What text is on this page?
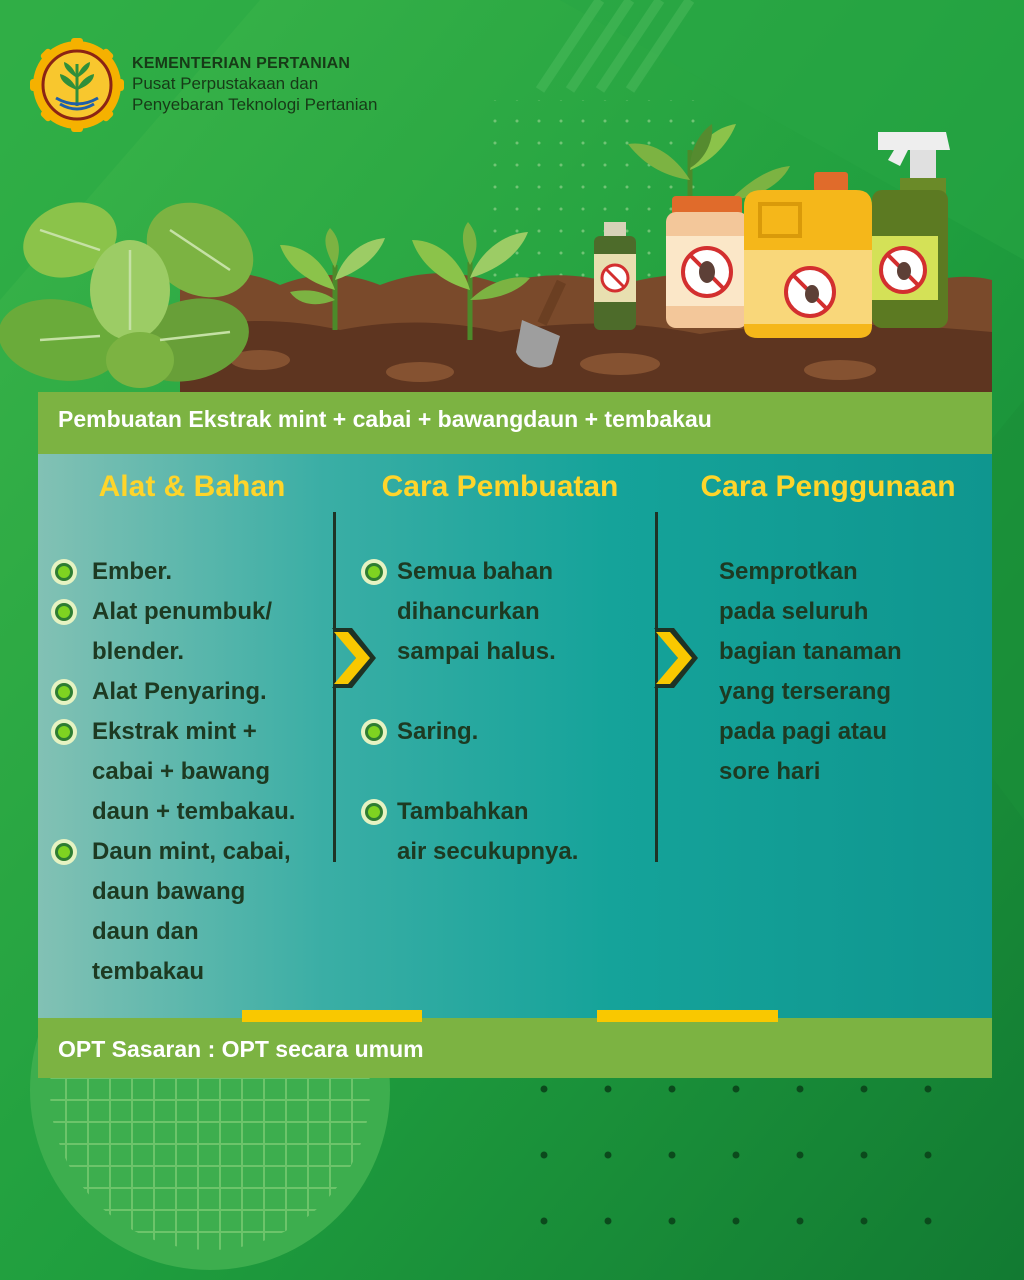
KEMENTERIAN PERTANIAN
Pusat Perpustakaan dan
Penyebaran Teknologi Pertanian
Pembuatan Ekstrak mint + cabai + bawangdaun + tembakau
Alat & Bahan	Cara Pembuatan	Cara Penggunaan
Ember.
Alat penumbuk/
blender.
Alat Penyaring.
Ekstrak mint +
cabai + bawang
daun + tembakau.
Daun mint, cabai,
daun bawang
daun dan
tembakau
Semua bahan
dihancurkan
sampai halus.
Saring.
Tambahkan
air secukupnya.
Semprotkan
pada seluruh
bagian tanaman
yang terserang
pada pagi atau
sore hari
OPT Sasaran : OPT secara umum
